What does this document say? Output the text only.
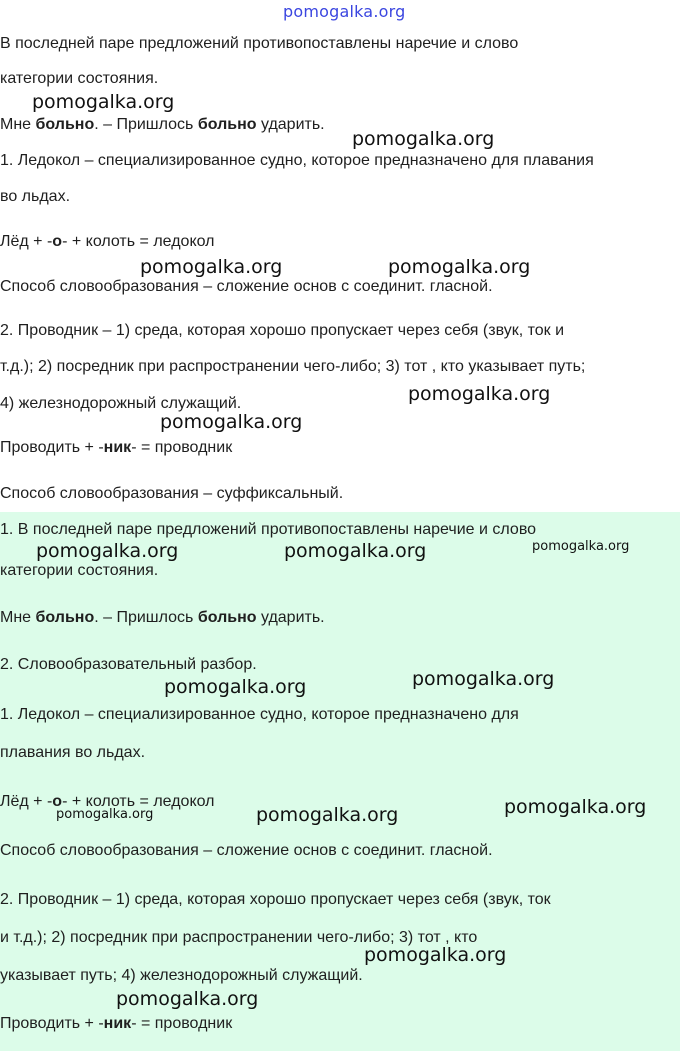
pomogalka.org
В последней паре предложений противопоставлены наречие и слово
категории состояния.
Мне больно. – Пришлось больно ударить.
1. Ледокол – специализированное судно, которое предназначено для плавания
во льдах.
Лёд + -о- + колоть = ледокол
Способ словообразования – сложение основ с соединит. гласной.
2. Проводник – 1) среда, которая хорошо пропускает через себя (звук, ток и
т.д.); 2) посредник при распространении чего-либо; 3) тот , кто указывает путь;
4) железнодорожный служащий.
Проводить + -ник- = проводник
Способ словообразования – суффиксальный.
1. В последней паре предложений противопоставлены наречие и слово
категории состояния.
Мне больно. – Пришлось больно ударить.
2. Словообразовательный разбор.
1. Ледокол – специализированное судно, которое предназначено для
плавания во льдах.
Лёд + -о- + колоть = ледокол
Способ словообразования – сложение основ с соединит. гласной.
2. Проводник – 1) среда, которая хорошо пропускает через себя (звук, ток
и т.д.); 2) посредник при распространении чего-либо; 3) тот , кто
указывает путь; 4) железнодорожный служащий.
Проводить + -ник- = проводник
pomogalka.org
pomogalka.org
pomogalka.org	pomogalka.org
pomogalka.org
pomogalka.org
pomogalka.org	pomogalka.org	pomogalka.org
pomogalka.org
pomogalka.org
pomogalka.org
pomogalka.org	pomogalka.org
pomogalka.org
pomogalka.org
